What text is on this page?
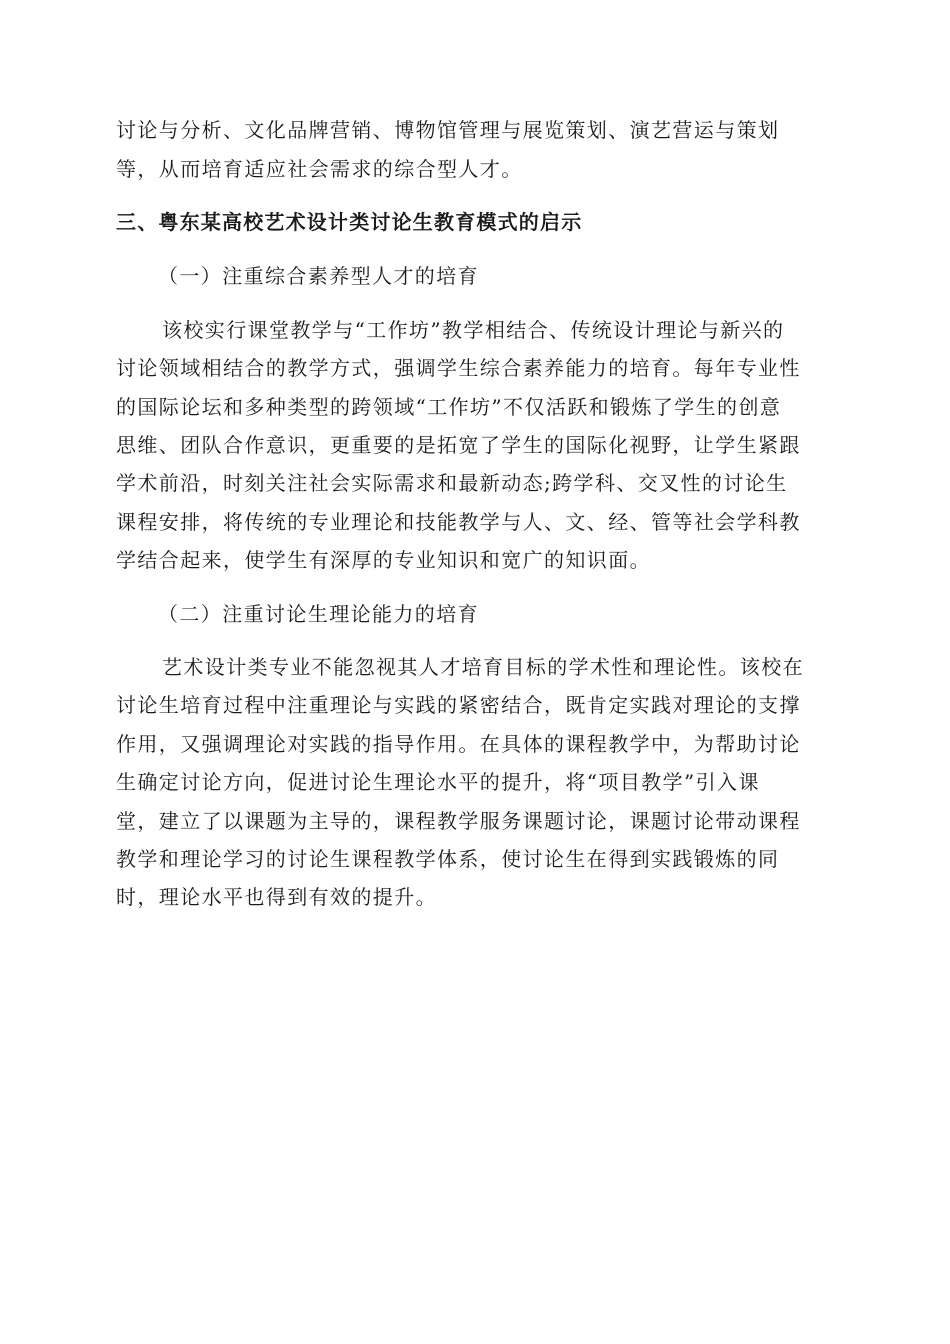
讨论与分析、文化品牌营销、博物馆管理与展览策划、演艺营运与策划
等，从而培育适应社会需求的综合型人才。
三、粤东某高校艺术设计类讨论生教育模式的启示
（一）注重综合素养型人才的培育
该校实行课堂教学与“工作坊”教学相结合、传统设计理论与新兴的
讨论领域相结合的教学方式，强调学生综合素养能力的培育。每年专业性
的国际论坛和多种类型的跨领域“工作坊”不仅活跃和锻炼了学生的创意
思维、团队合作意识，更重要的是拓宽了学生的国际化视野，让学生紧跟
学术前沿，时刻关注社会实际需求和最新动态;跨学科、交叉性的讨论生
课程安排，将传统的专业理论和技能教学与人、文、经、管等社会学科教
学结合起来，使学生有深厚的专业知识和宽广的知识面。
（二）注重讨论生理论能力的培育
艺术设计类专业不能忽视其人才培育目标的学术性和理论性。该校在
讨论生培育过程中注重理论与实践的紧密结合，既肯定实践对理论的支撑
作用，又强调理论对实践的指导作用。在具体的课程教学中，为帮助讨论
生确定讨论方向，促进讨论生理论水平的提升，将“项目教学”引入课
堂，建立了以课题为主导的，课程教学服务课题讨论，课题讨论带动课程
教学和理论学习的讨论生课程教学体系，使讨论生在得到实践锻炼的同
时，理论水平也得到有效的提升。
